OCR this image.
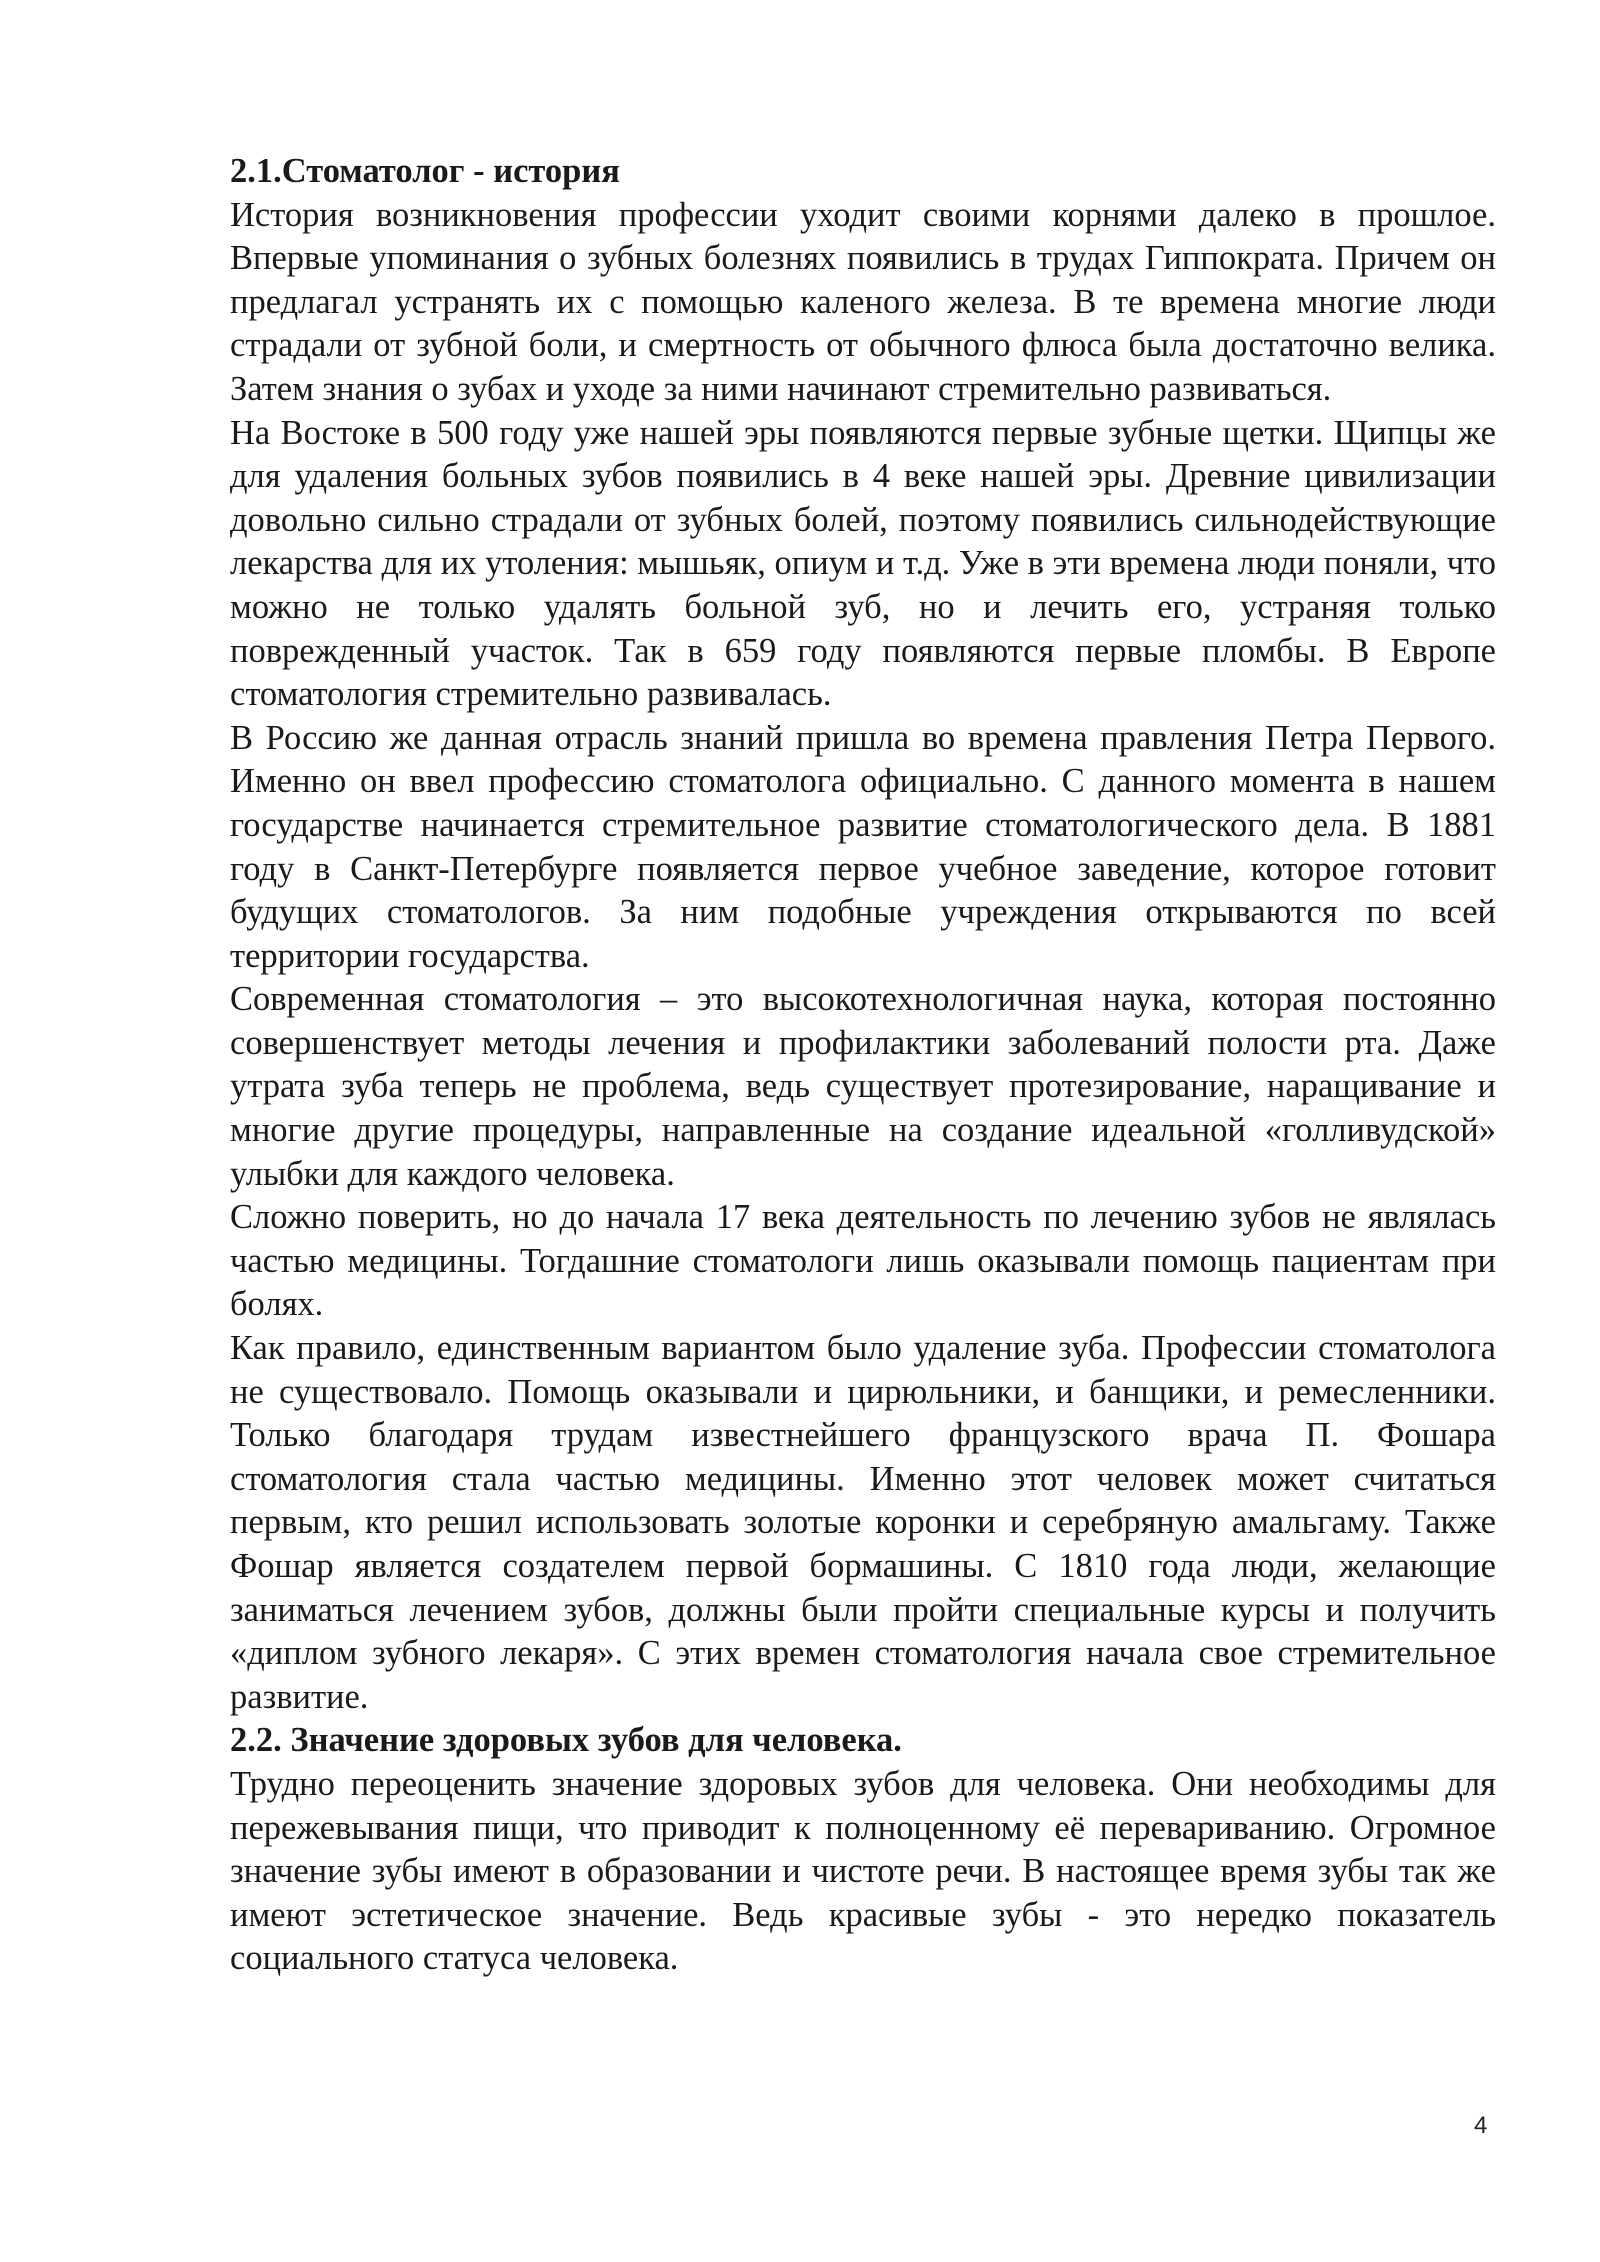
2.1.Стоматолог - история

История возникновения профессии уходит своими корнями далеко в прошлое. Впервые упоминания о зубных болезнях появились в трудах Гиппократа. Причем он предлагал устранять их с помощью каленого железа. В те времена многие люди страдали от зубной боли, и смертность от обычного флюса была достаточно велика. Затем знания о зубах и уходе за ними начинают стремительно развиваться.

На Востоке в 500 году уже нашей эры появляются первые зубные щетки. Щипцы же для удаления больных зубов появились в 4 веке нашей эры. Древние цивилизации довольно сильно страдали от зубных болей, поэтому появились сильнодействующие лекарства для их утоления: мышьяк, опиум и т.д. Уже в эти времена люди поняли, что можно не только удалять больной зуб, но и лечить его, устраняя только поврежденный участок. Так в 659 году появляются первые пломбы. В Европе стоматология стремительно развивалась.

В Россию же данная отрасль знаний пришла во времена правления Петра Первого. Именно он ввел профессию стоматолога официально. С данного момента в нашем государстве начинается стремительное развитие стоматологического дела. В 1881 году в Санкт-Петербурге появляется первое учебное заведение, которое готовит будущих стоматологов. За ним подобные учреждения открываются по всей территории государства.

Современная стоматология – это высокотехнологичная наука, которая постоянно совершенствует методы лечения и профилактики заболеваний полости рта. Даже утрата зуба теперь не проблема, ведь существует протезирование, наращивание и многие другие процедуры, направленные на создание идеальной «голливудской» улыбки для каждого человека.

Сложно поверить, но до начала 17 века деятельность по лечению зубов не являлась частью медицины. Тогдашние стоматологи лишь оказывали помощь пациентам при болях.

Как правило, единственным вариантом было удаление зуба. Профессии стоматолога не существовало. Помощь оказывали и цирюльники, и банщики, и ремесленники. Только благодаря трудам известнейшего французского врача П. Фошара стоматология стала частью медицины. Именно этот человек может считаться первым, кто решил использовать золотые коронки и серебряную амальгаму. Также Фошар является создателем первой бормашины. С 1810 года люди, желающие заниматься лечением зубов, должны были пройти специальные курсы и получить «диплом зубного лекаря». С этих времен стоматология начала свое стремительное развитие.

2.2. Значение здоровых зубов для человека.

Трудно переоценить значение здоровых зубов для человека. Они необходимы для пережевывания пищи, что приводит к полноценному её перевариванию. Огромное значение зубы имеют в образовании и чистоте речи. В настоящее время зубы так же имеют эстетическое значение. Ведь красивые зубы - это нередко показатель социального статуса человека.

4
